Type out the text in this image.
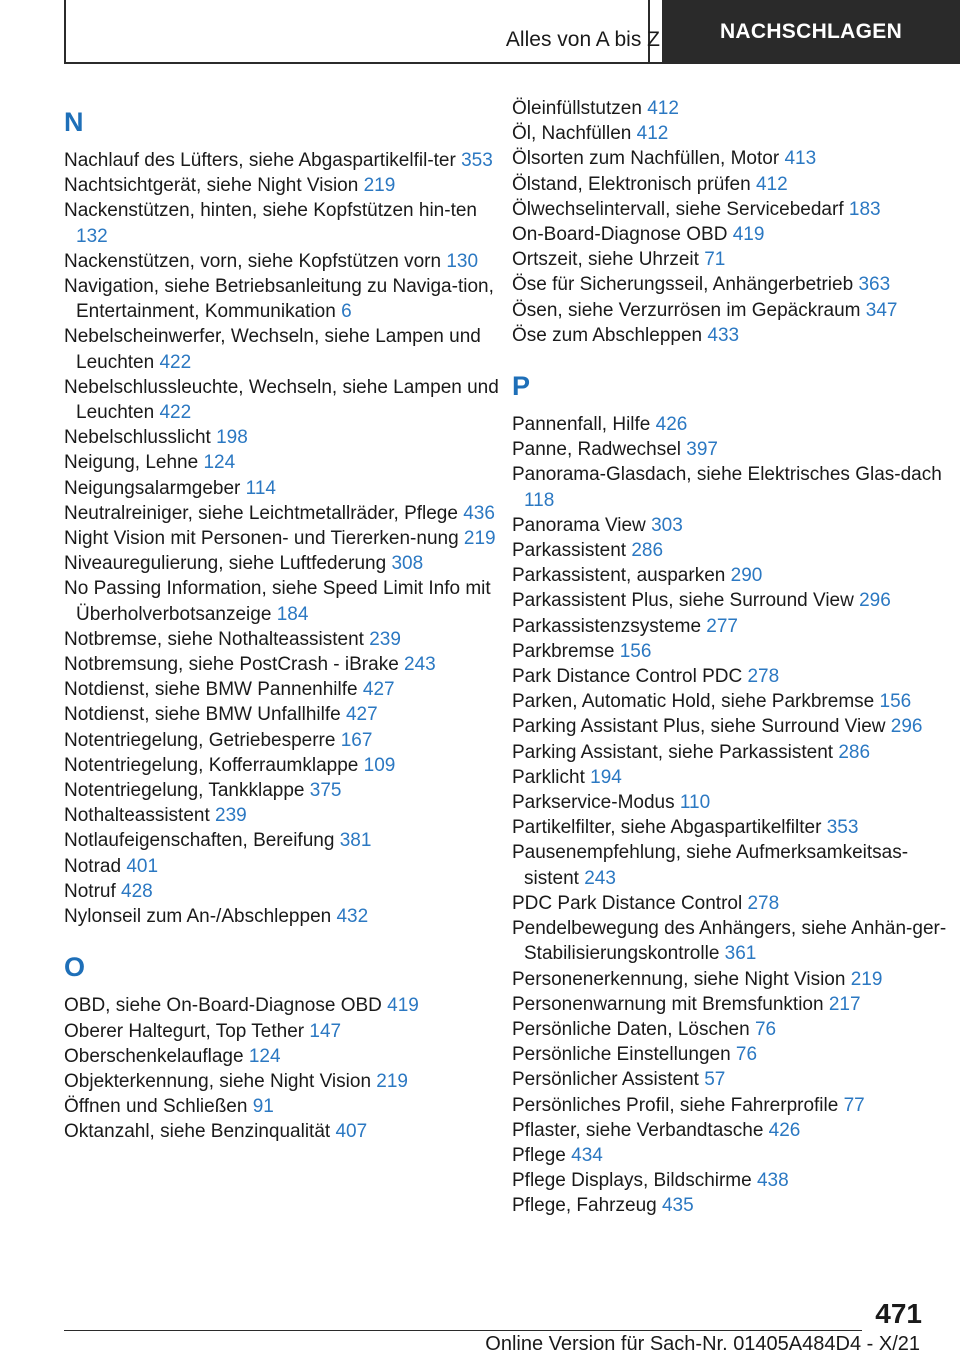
Alles von A bis Z	NACHSCHLAGEN
N
Nachlauf des Lüfters, siehe Abgaspartikelfil-ter 353
Nachtsichtgerät, siehe Night Vision 219
Nackenstützen, hinten, siehe Kopfstützen hin-ten 132
Nackenstützen, vorn, siehe Kopfstützen vorn 130
Navigation, siehe Betriebsanleitung zu Naviga-tion, Entertainment, Kommunikation 6
Nebelscheinwerfer, Wechseln, siehe Lampen und Leuchten 422
Nebelschlussleuchte, Wechseln, siehe Lampen und Leuchten 422
Nebelschlusslicht 198
Neigung, Lehne 124
Neigungsalarmgeber 114
Neutralreiniger, siehe Leichtmetallräder, Pflege 436
Night Vision mit Personen- und Tiererken-nung 219
Niveauregulierung, siehe Luftfederung 308
No Passing Information, siehe Speed Limit Info mit Überholverbotsanzeige 184
Notbremse, siehe Nothalteassistent 239
Notbremsung, siehe PostCrash - iBrake 243
Notdienst, siehe BMW Pannenhilfe 427
Notdienst, siehe BMW Unfallhilfe 427
Notentriegelung, Getriebesperre 167
Notentriegelung, Kofferraumklappe 109
Notentriegelung, Tankklappe 375
Nothalteassistent 239
Notlaufeigenschaften, Bereifung 381
Notrad 401
Notruf 428
Nylonseil zum An-/Abschleppen 432
O
OBD, siehe On-Board-Diagnose OBD 419
Oberer Haltegurt, Top Tether 147
Oberschenkelauflage 124
Objekterkennung, siehe Night Vision 219
Öffnen und Schließen 91
Oktanzahl, siehe Benzinqualität 407
Öleinfüllstutzen 412
Öl, Nachfüllen 412
Ölsorten zum Nachfüllen, Motor 413
Ölstand, Elektronisch prüfen 412
Ölwechselintervall, siehe Servicebedarf 183
On-Board-Diagnose OBD 419
Ortszeit, siehe Uhrzeit 71
Öse für Sicherungsseil, Anhängerbetrieb 363
Ösen, siehe Verzurrösen im Gepäckraum 347
Öse zum Abschleppen 433
P
Pannenfall, Hilfe 426
Panne, Radwechsel 397
Panorama-Glasdach, siehe Elektrisches Glas-dach 118
Panorama View 303
Parkassistent 286
Parkassistent, ausparken 290
Parkassistent Plus, siehe Surround View 296
Parkassistenzsysteme 277
Parkbremse 156
Park Distance Control PDC 278
Parken, Automatic Hold, siehe Parkbremse 156
Parking Assistant Plus, siehe Surround View 296
Parking Assistant, siehe Parkassistent 286
Parklicht 194
Parkservice-Modus 110
Partikelfilter, siehe Abgaspartikelfilter 353
Pausenempfehlung, siehe Aufmerksamkeitsas-sistent 243
PDC Park Distance Control 278
Pendelbewegung des Anhängers, siehe Anhän-ger-Stabilisierungskontrolle 361
Personenerkennung, siehe Night Vision 219
Personenwarnung mit Bremsfunktion 217
Persönliche Daten, Löschen 76
Persönliche Einstellungen 76
Persönlicher Assistent 57
Persönliches Profil, siehe Fahrerprofile 77
Pflaster, siehe Verbandtasche 426
Pflege 434
Pflege Displays, Bildschirme 438
Pflege, Fahrzeug 435
471
Online Version für Sach-Nr. 01405A484D4 - X/21
